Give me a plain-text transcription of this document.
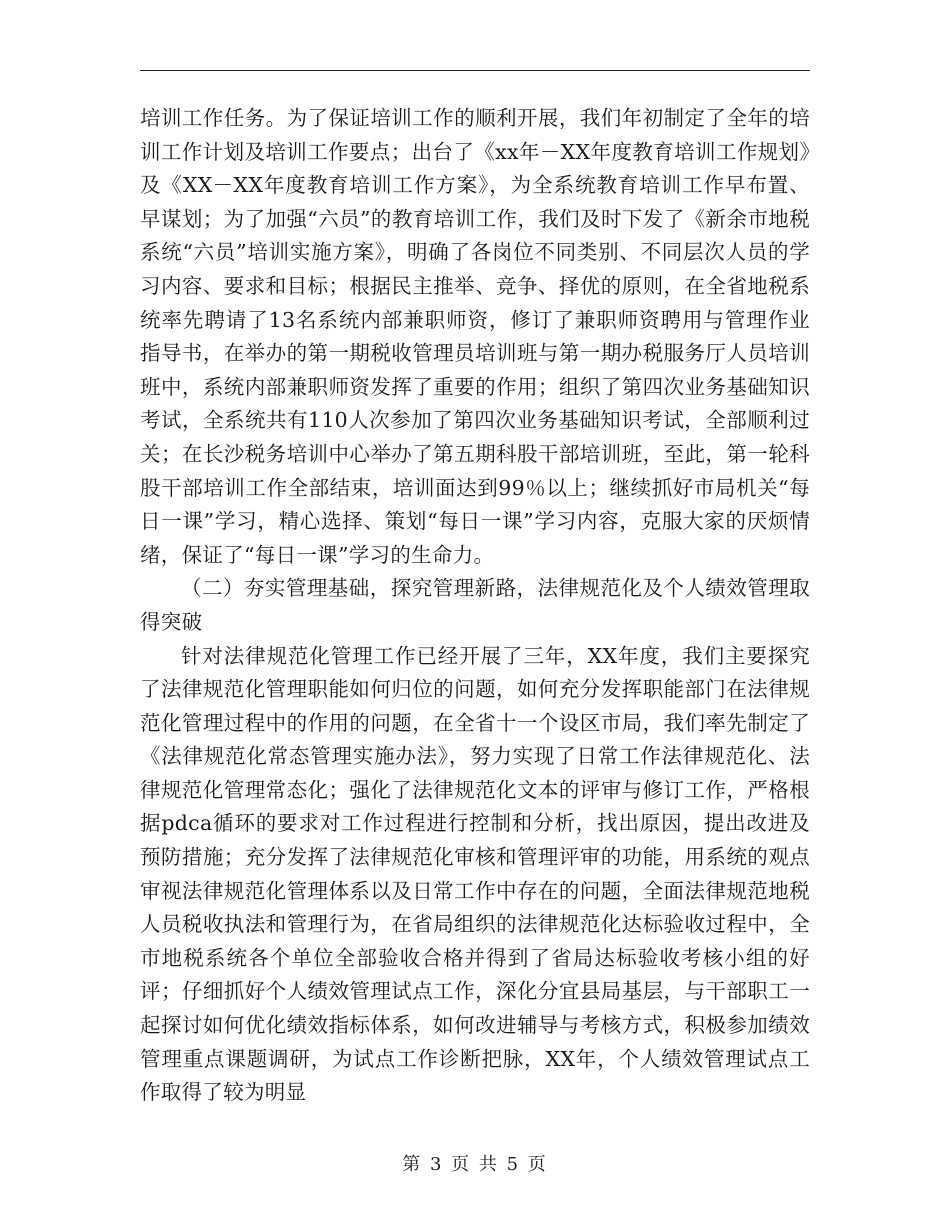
培训工作任务。为了保证培训工作的顺利开展，我们年初制定了全年的培训工作计划及培训工作要点；出台了《xx年－XX年度教育培训工作规划》及《XX－XX年度教育培训工作方案》，为全系统教育培训工作早布置、早谋划；为了加强“六员”的教育培训工作，我们及时下发了《新余市地税系统“六员”培训实施方案》，明确了各岗位不同类别、不同层次人员的学习内容、要求和目标；根据民主推举、竞争、择优的原则，在全省地税系统率先聘请了13名系统内部兼职师资，修订了兼职师资聘用与管理作业指导书，在举办的第一期税收管理员培训班与第一期办税服务厅人员培训班中，系统内部兼职师资发挥了重要的作用；组织了第四次业务基础知识考试，全系统共有110人次参加了第四次业务基础知识考试，全部顺利过关；在长沙税务培训中心举办了第五期科股干部培训班，至此，第一轮科股干部培训工作全部结束，培训面达到99％以上；继续抓好市局机关“每日一课”学习，精心选择、策划“每日一课”学习内容，克服大家的厌烦情绪，保证了“每日一课”学习的生命力。

（二）夯实管理基础，探究管理新路，法律规范化及个人绩效管理取得突破

针对法律规范化管理工作已经开展了三年，XX年度，我们主要探究了法律规范化管理职能如何归位的问题，如何充分发挥职能部门在法律规范化管理过程中的作用的问题，在全省十一个设区市局，我们率先制定了《法律规范化常态管理实施办法》，努力实现了日常工作法律规范化、法律规范化管理常态化；强化了法律规范化文本的评审与修订工作，严格根据pdca循环的要求对工作过程进行控制和分析，找出原因，提出改进及预防措施；充分发挥了法律规范化审核和管理评审的功能，用系统的观点审视法律规范化管理体系以及日常工作中存在的问题，全面法律规范地税人员税收执法和管理行为，在省局组织的法律规范化达标验收过程中，全市地税系统各个单位全部验收合格并得到了省局达标验收考核小组的好评；仔细抓好个人绩效管理试点工作，深化分宜县局基层，与干部职工一起探讨如何优化绩效指标体系，如何改进辅导与考核方式，积极参加绩效管理重点课题调研，为试点工作诊断把脉，XX年，个人绩效管理试点工作取得了较为明显

第 3 页 共 5 页
